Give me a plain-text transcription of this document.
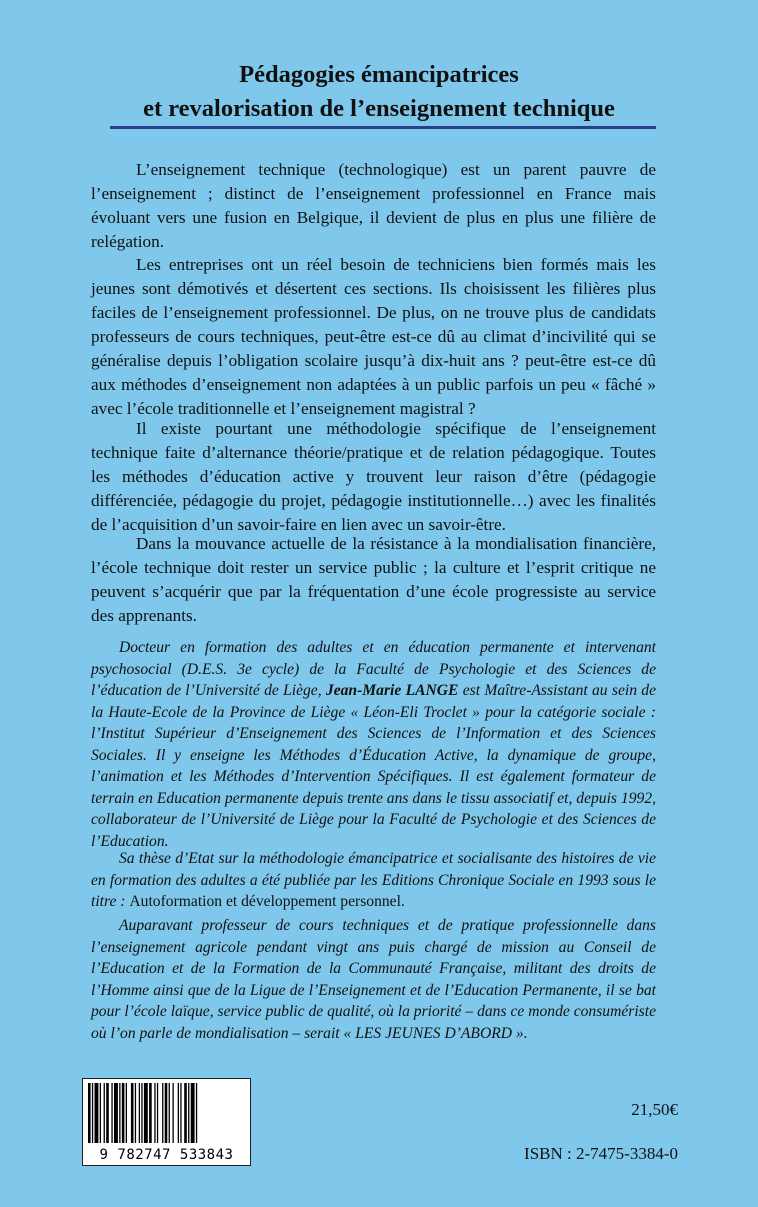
Pédagogies émancipatrices

et revalorisation de l’enseignement technique

L’enseignement technique (technologique) est un parent pauvre de l’enseignement ; distinct de l’enseignement professionnel en France mais évoluant vers une fusion en Belgique, il devient de plus en plus une filière de relégation.

Les entreprises ont un réel besoin de techniciens bien formés mais les jeunes sont démotivés et désertent ces sections. Ils choisissent les filières plus faciles de l’enseignement professionnel. De plus, on ne trouve plus de candidats professeurs de cours techniques, peut-être est-ce dû au climat d’incivilité qui se généralise depuis l’obligation scolaire jusqu’à dix-huit ans ? peut-être est-ce dû aux méthodes d’enseignement non adaptées à un public parfois un peu « fâché » avec l’école traditionnelle et l’enseignement magistral ?

Il existe pourtant une méthodologie spécifique de l’enseignement technique faite d’alternance théorie/pratique et de relation pédagogique. Toutes les méthodes d’éducation active y trouvent leur raison d’être (pédagogie différenciée, pédagogie du projet, pédagogie institutionnelle…) avec les finalités de l’acquisition d’un savoir-faire en lien avec un savoir-être.

Dans la mouvance actuelle de la résistance à la mondialisation financière, l’école technique doit rester un service public ; la culture et l’esprit critique ne peuvent s’acquérir que par la fréquentation d’une école progressiste au service des apprenants.

Docteur en formation des adultes et en éducation permanente et intervenant psychosocial (D.E.S. 3e cycle) de la Faculté de Psychologie et des Sciences de l’éducation de l’Université de Liège, Jean-Marie LANGE est Maître-Assistant au sein de la Haute-Ecole de la Province de Liège « Léon-Eli Troclet » pour la catégorie sociale : l’Institut Supérieur d’Enseignement des Sciences de l’Information et des Sciences Sociales. Il y enseigne les Méthodes d’Éducation Active, la dynamique de groupe, l’animation et les Méthodes d’Intervention Spécifiques. Il est également formateur de terrain en Education permanente depuis trente ans dans le tissu associatif et, depuis 1992, collaborateur de l’Université de Liège pour la Faculté de Psychologie et des Sciences de l’Education.

Sa thèse d’Etat sur la méthodologie émancipatrice et socialisante des histoires de vie en formation des adultes a été publiée par les Editions Chronique Sociale en 1993 sous le titre : Autoformation et développement personnel.

Auparavant professeur de cours techniques et de pratique professionnelle dans l’enseignement agricole pendant vingt ans puis chargé de mission au Conseil de l’Education et de la Formation de la Communauté Française, militant des droits de l’Homme ainsi que de la Ligue de l’Enseignement et de l’Education Permanente, il se bat pour l’école laïque, service public de qualité, où la priorité – dans ce monde consumériste où l’on parle de mondialisation – serait « LES JEUNES D’ABORD ».

9 782747 533843
21,50€
ISBN : 2-7475-3384-0
